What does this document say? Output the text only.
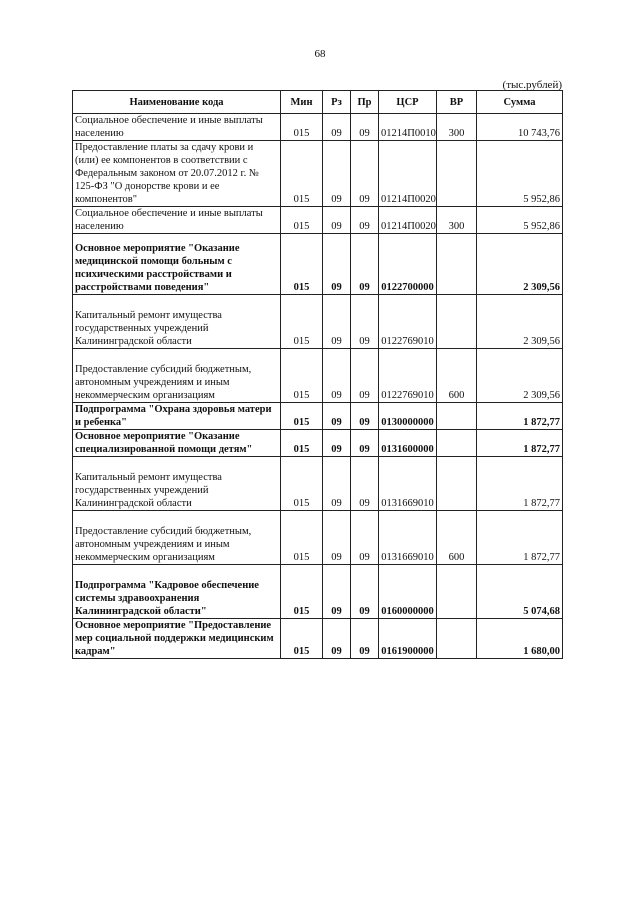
68
(тыс.рублей)
Наименование кода	Мин	Рз	Пр	ЦСР	ВР	Сумма
Социальное обеспечение и иные выплаты населению	015	09	09	01214П0010	300	10 743,76
Предоставление платы за сдачу крови и (или) ее компонентов в соответствии с Федеральным законом от 20.07.2012 г. № 125-ФЗ "О донорстве крови и ее компонентов"	015	09	09	01214П0020		5 952,86
Социальное обеспечение и иные выплаты населению	015	09	09	01214П0020	300	5 952,86
Основное мероприятие "Оказание медицинской помощи больным с психическими расстройствами и расстройствами поведения"	015	09	09	0122700000		2 309,56
Капитальный ремонт имущества государственных учреждений Калининградской области	015	09	09	0122769010		2 309,56
Предоставление субсидий бюджетным, автономным учреждениям и иным некоммерческим организациям	015	09	09	0122769010	600	2 309,56
Подпрограмма "Охрана здоровья матери и ребенка"	015	09	09	0130000000		1 872,77
Основное мероприятие "Оказание специализированной помощи детям"	015	09	09	0131600000		1 872,77
Капитальный ремонт имущества государственных учреждений Калининградской области	015	09	09	0131669010		1 872,77
Предоставление субсидий бюджетным, автономным учреждениям и иным некоммерческим организациям	015	09	09	0131669010	600	1 872,77
Подпрограмма "Кадровое обеспечение системы здравоохранения Калининградской области"	015	09	09	0160000000		5 074,68
Основное мероприятие "Предоставление мер социальной поддержки медицинским кадрам"	015	09	09	0161900000		1 680,00
